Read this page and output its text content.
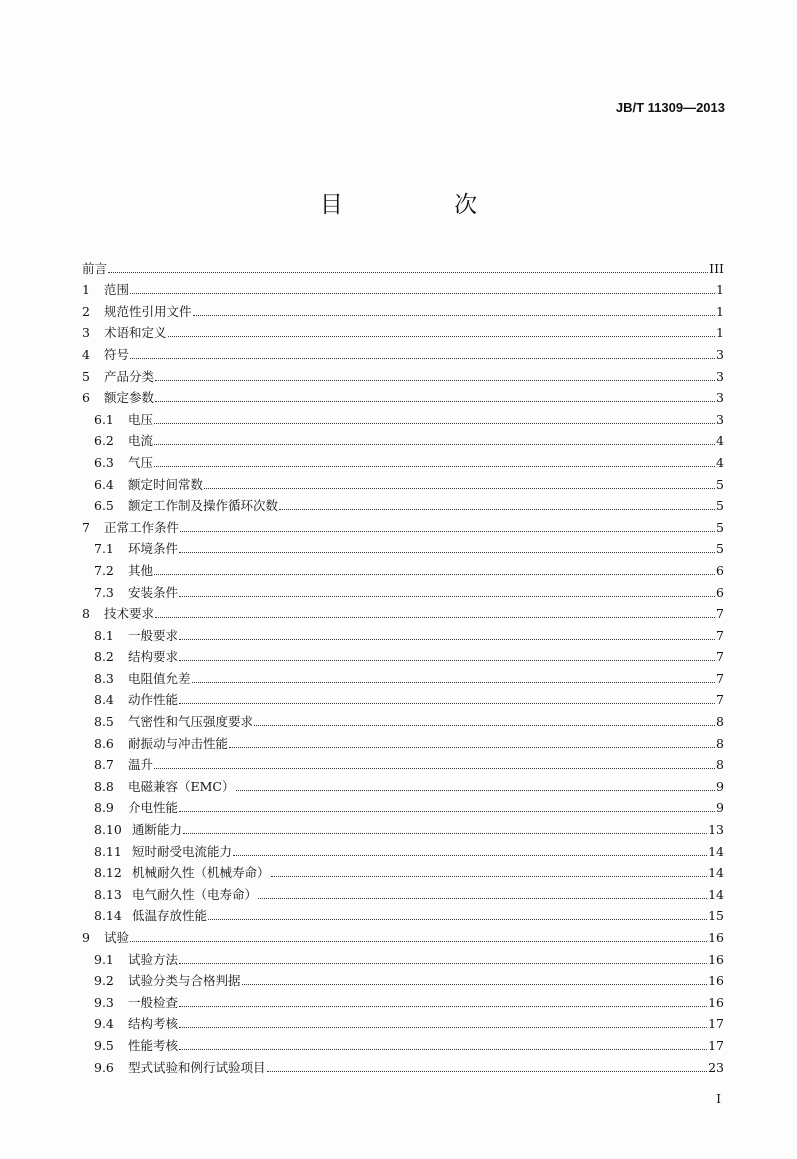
JB/T 11309—2013
目 次
前言	III
1	范围	1
2	规范性引用文件	1
3	术语和定义	1
4	符号	3
5	产品分类	3
6	额定参数	3
6.1	电压	3
6.2	电流	4
6.3	气压	4
6.4	额定时间常数	5
6.5	额定工作制及操作循环次数	5
7	正常工作条件	5
7.1	环境条件	5
7.2	其他	6
7.3	安装条件	6
8	技术要求	7
8.1	一般要求	7
8.2	结构要求	7
8.3	电阻值允差	7
8.4	动作性能	7
8.5	气密性和气压强度要求	8
8.6	耐振动与冲击性能	8
8.7	温升	8
8.8	电磁兼容（EMC）	9
8.9	介电性能	9
8.10 通断能力	13
8.11 短时耐受电流能力	14
8.12 机械耐久性（机械寿命）	14
8.13 电气耐久性（电寿命）	14
8.14 低温存放性能	15
9	试验	16
9.1	试验方法	16
9.2	试验分类与合格判据	16
9.3	一般检查	16
9.4	结构考核	17
9.5	性能考核	17
9.6	型式试验和例行试验项目	23
I
